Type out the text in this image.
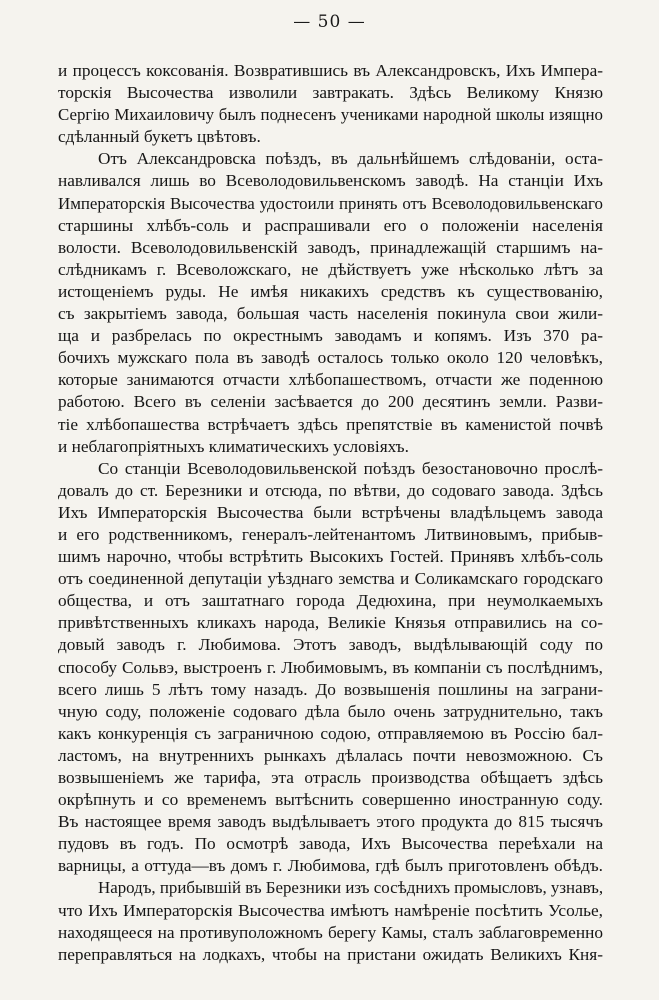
— 50 —
и процессъ коксованія. Возвратившись въ Александровскъ, Ихъ Импера-
торскія Высочества изволили завтракать. Здѣсь Великому Князю
Сергію Михаиловичу былъ поднесенъ учениками народной школы изящно
сдѣланный букетъ цвѣтовъ.
Отъ Александровска поѣздъ, въ дальнѣйшемъ слѣдованіи, оста-
навливался лишь во Всеволодовильвенскомъ заводѣ. На станціи Ихъ
Императорскія Высочества удостоили принять отъ Всеволодовильвенскаго
старшины хлѣбъ-соль и распрашивали его о положеніи населенія
волости. Всеволодовильвенскій заводъ, принадлежащій старшимъ на-
слѣдникамъ г. Всеволожскаго, не дѣйствуетъ уже нѣсколько лѣтъ за
истощеніемъ руды. Не имѣя никакихъ средствъ къ существованію,
съ закрытіемъ завода, большая часть населенія покинула свои жили-
ща и разбрелась по окрестнымъ заводамъ и копямъ. Изъ 370 ра-
бочихъ мужскаго пола въ заводѣ осталось только около 120 человѣкъ,
которые занимаются отчасти хлѣбопашествомъ, отчасти же поденною
работою. Всего въ селеніи засѣвается до 200 десятинъ земли. Разви-
тіе хлѣбопашества встрѣчаетъ здѣсь препятствіе въ каменистой почвѣ
и неблагопріятныхъ климатическихъ условіяхъ.
Со станціи Всеволодовильвенской поѣздъ безостановочно прослѣ-
довалъ до ст. Березники и отсюда, по вѣтви, до содоваго завода. Здѣсь
Ихъ Императорскія Высочества были встрѣчены владѣльцемъ завода
и его родственникомъ, генералъ-лейтенантомъ Литвиновымъ, прибыв-
шимъ нарочно, чтобы встрѣтить Высокихъ Гостей. Принявъ хлѣбъ-соль
отъ соединенной депутаціи уѣзднаго земства и Соликамскаго городскаго
общества, и отъ заштатнаго города Дедюхина, при неумолкаемыхъ
привѣтственныхъ кликахъ народа, Великіе Князья отправились на со-
довый заводъ г. Любимова. Этотъ заводъ, выдѣлывающій соду по
способу Сольвэ, выстроенъ г. Любимовымъ, въ компаніи съ послѣднимъ,
всего лишь 5 лѣтъ тому назадъ. До возвышенія пошлины на заграни-
чную соду, положеніе содоваго дѣла было очень затруднительно, такъ
какъ конкуренція съ заграничною содою, отправляемою въ Россію бал-
ластомъ, на внутреннихъ рынкахъ дѣлалась почти невозможною. Съ
возвышеніемъ же тарифа, эта отрасль производства обѣщаетъ здѣсь
окрѣпнуть и со временемъ вытѣснить совершенно иностранную соду.
Въ настоящее время заводъ выдѣлываетъ этого продукта до 815 тысячъ
пудовъ въ годъ. По осмотрѣ завода, Ихъ Высочества переѣхали на
варницы, а оттуда—въ домъ г. Любимова, гдѣ былъ приготовленъ обѣдъ.
Народъ, прибывшій въ Березники изъ сосѣднихъ промысловъ, узнавъ,
что Ихъ Императорскія Высочества имѣютъ намѣреніе посѣтить Усолье,
находящееся на противуположномъ берегу Камы, сталъ заблаговременно
переправляться на лодкахъ, чтобы на пристани ожидать Великихъ Кня-
